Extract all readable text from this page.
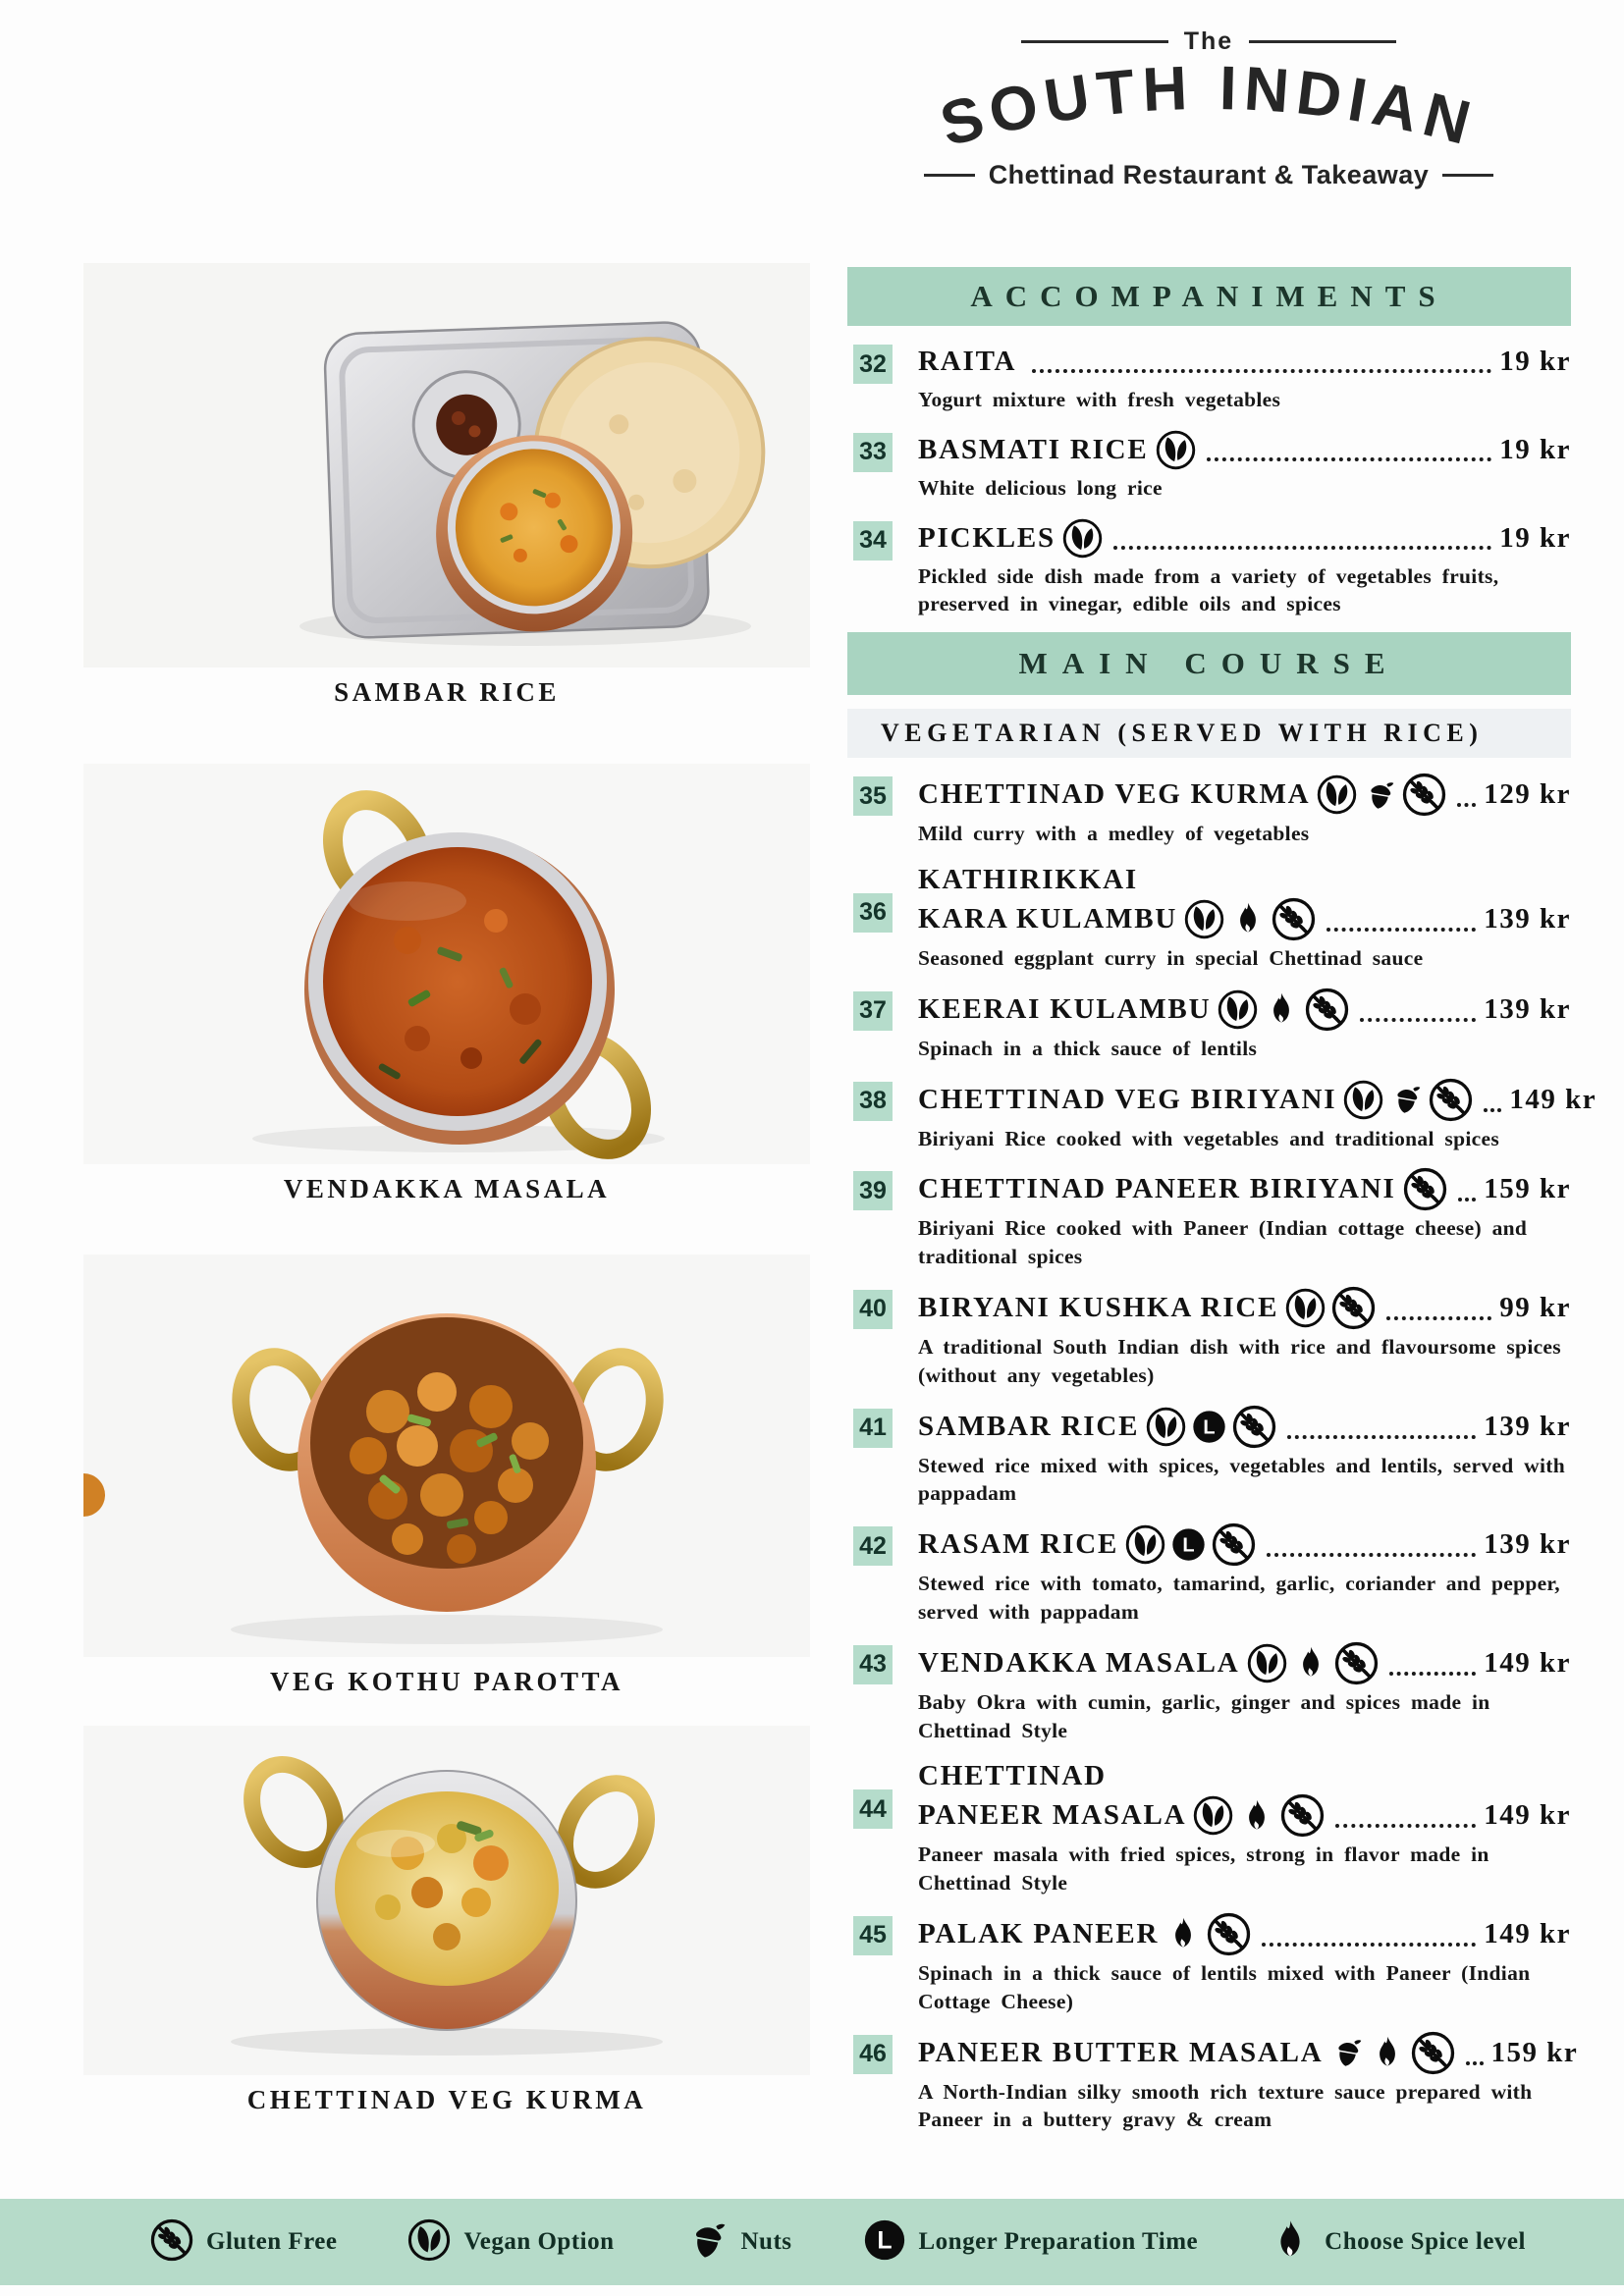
The
SOUTH INDIAN
Chettinad Restaurant & Takeaway
SAMBAR RICE
VENDAKKA MASALA
VEG KOTHU PAROTTA
CHETTINAD VEG KURMA
ACCOMPANIMENTS
32 RAITA	19 kr
Yogurt mixture with fresh vegetables
33 BASMATI RICE	19 kr
White delicious long rice
34 PICKLES	19 kr
Pickled side dish made from a variety of vegetables fruits, preserved in vinegar, edible oils and spices
MAIN COURSE
VEGETARIAN (SERVED WITH RICE)
35 CHETTINAD VEG KURMA	129 kr
Mild curry with a medley of vegetables
36
KATHIRIKKAI
KARA KULAMBU	139 kr
Seasoned eggplant curry in special Chettinad sauce
37 KEERAI KULAMBU	139 kr
Spinach in a thick sauce of lentils
38 CHETTINAD VEG BIRIYANI	149 kr
Biriyani Rice cooked with vegetables and traditional spices
39 CHETTINAD PANEER BIRIYANI	159 kr
Biriyani Rice cooked with Paneer (Indian cottage cheese) and traditional spices
40 BIRYANI KUSHKA RICE	99 kr
A traditional South Indian dish with rice and flavoursome spices (without any vegetables)
41 SAMBAR RICE	L	139 kr
Stewed rice mixed with spices, vegetables and lentils, served with pappadam
42 RASAM RICE	L	139 kr
Stewed rice with tomato, tamarind, garlic, coriander and pepper, served with pappadam
43 VENDAKKA MASALA	149 kr
Baby Okra with cumin, garlic, ginger and spices made in Chettinad Style
44
CHETTINAD
PANEER MASALA	149 kr
Paneer masala with fried spices, strong in flavor made in Chettinad Style
45 PALAK PANEER	149 kr
Spinach in a thick sauce of lentils mixed with Paneer (Indian Cottage Cheese)
46 PANEER BUTTER MASALA	159 kr
A North-Indian silky smooth rich texture sauce prepared with Paneer in a buttery gravy & cream
Gluten Free	Vegan Option	Nuts	L Longer Preparation Time	Choose Spice level
